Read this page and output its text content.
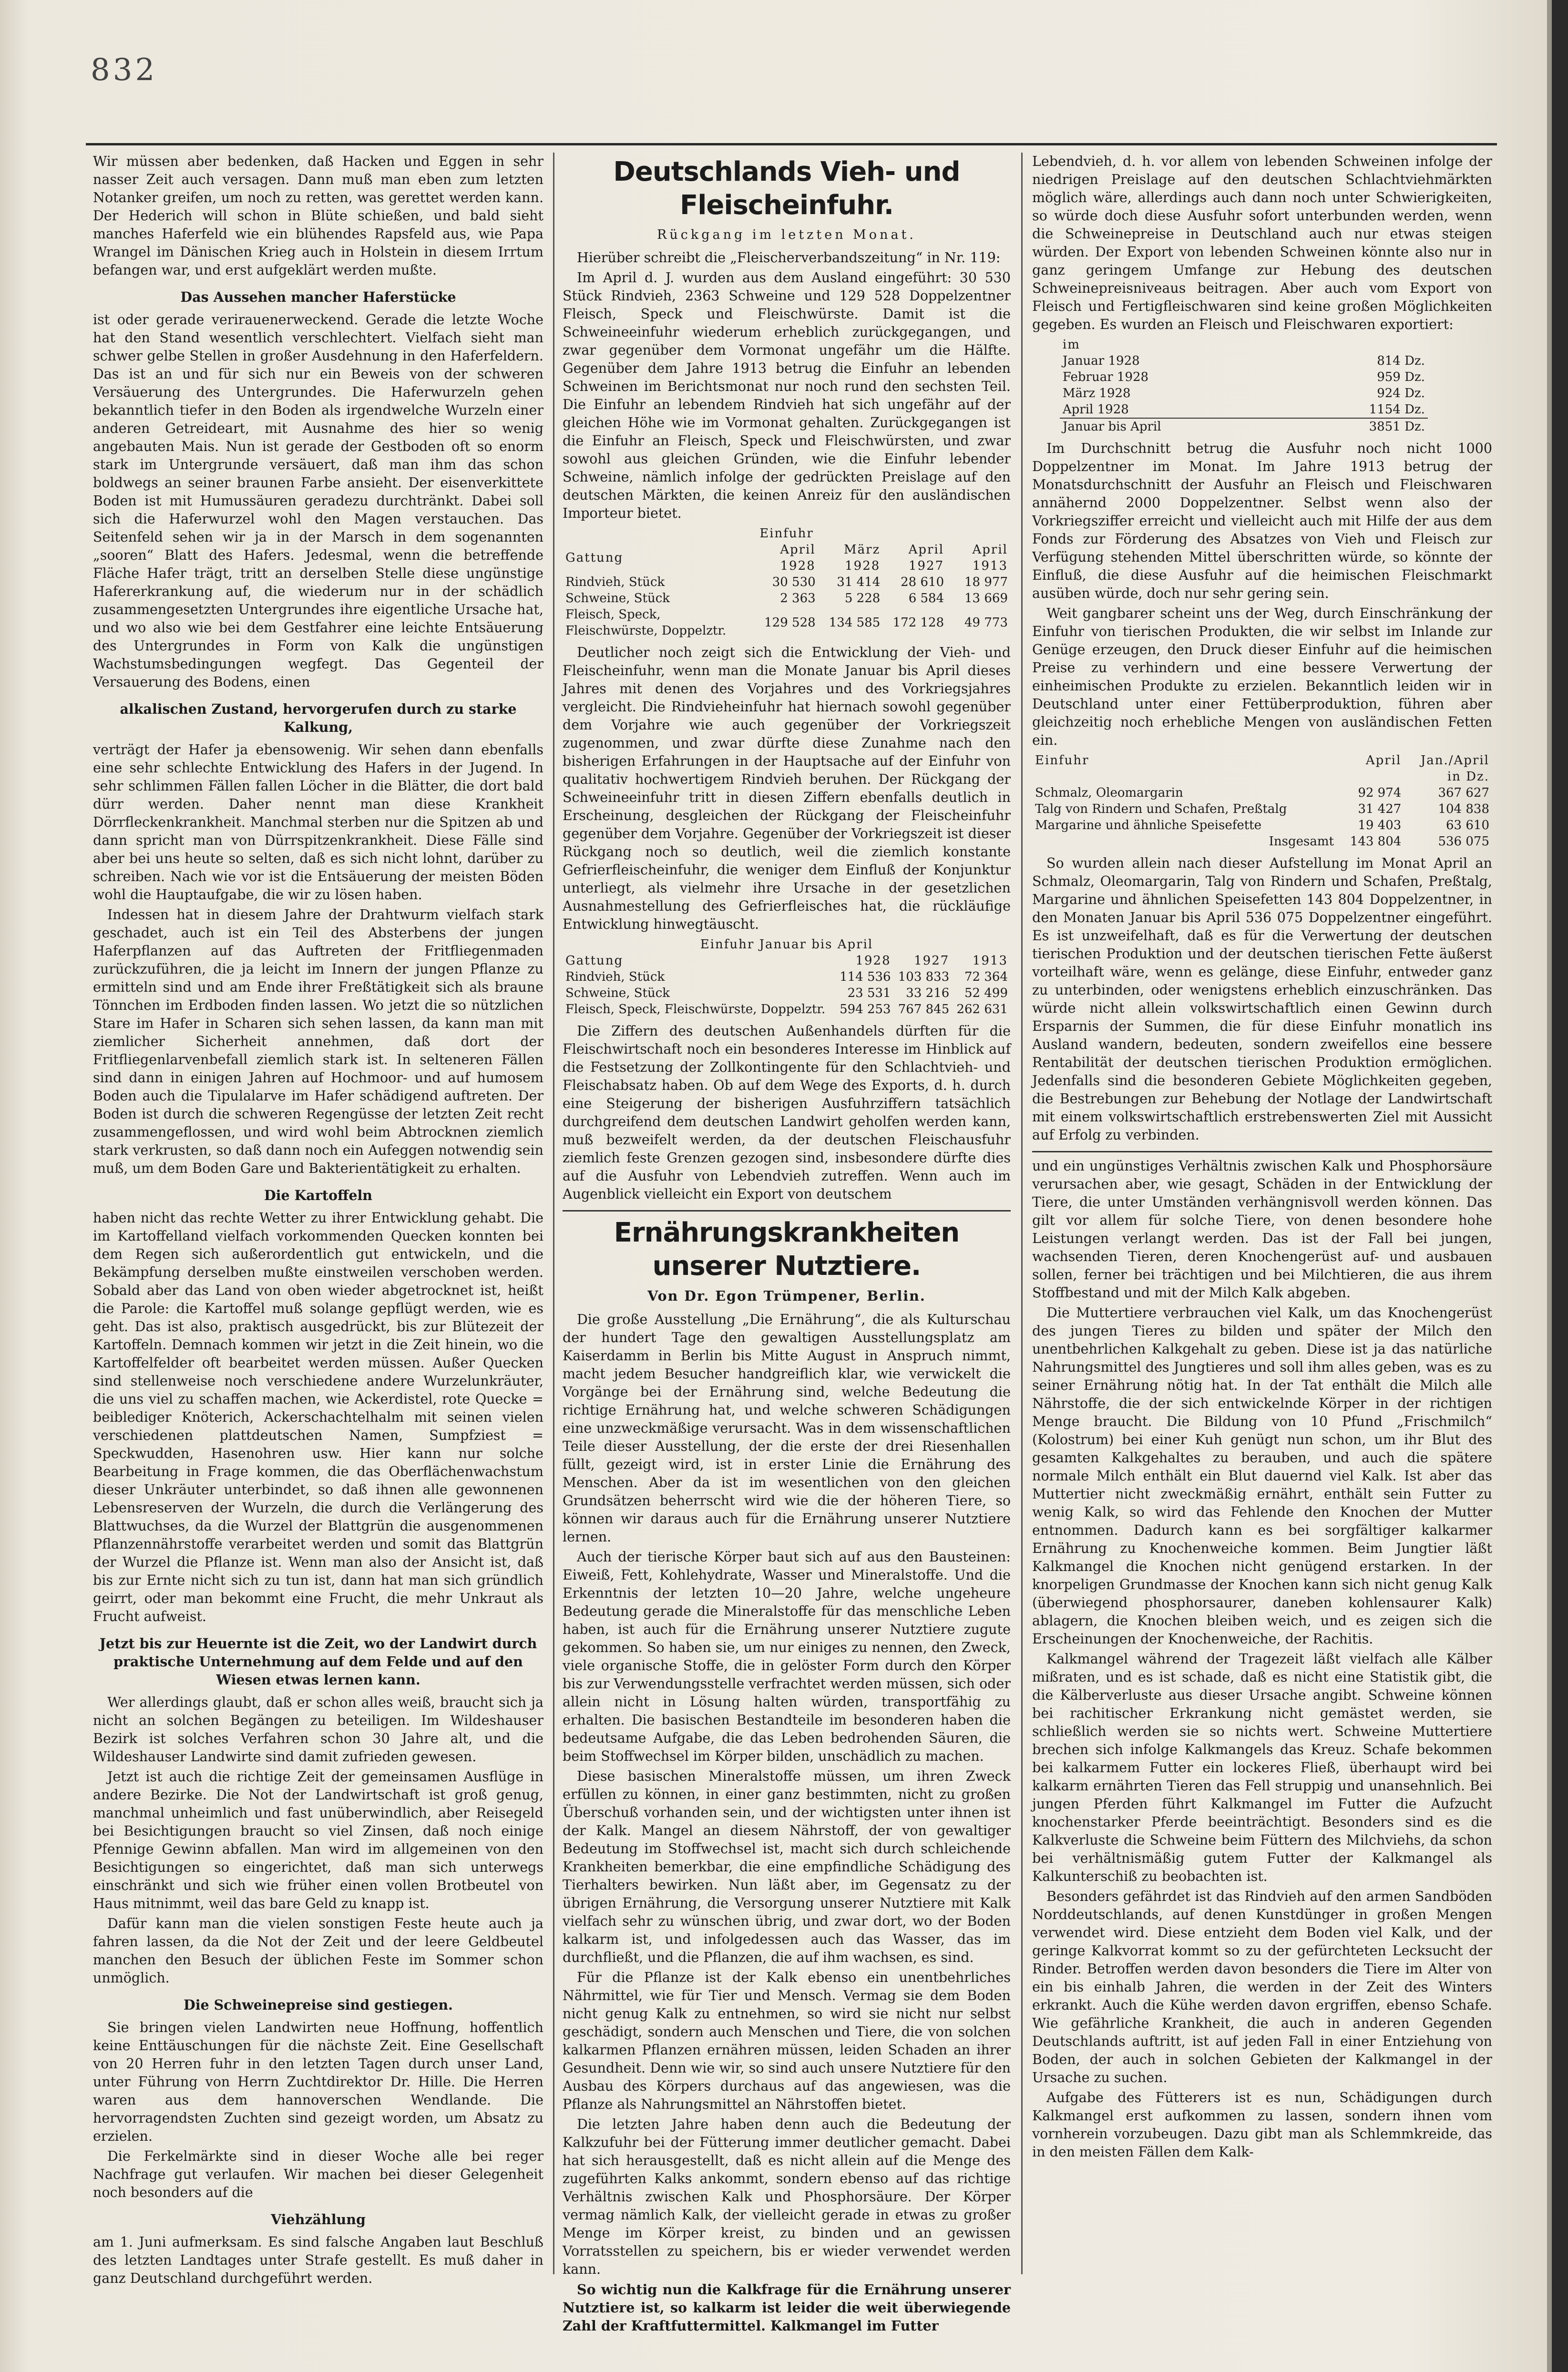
832

Wir müssen aber bedenken, daß Hacken und Eggen in sehr nasser Zeit auch versagen. Dann muß man eben zum letzten Notanker greifen, um noch zu retten, was gerettet werden kann. Der Hederich will schon in Blüte schießen, und bald sieht manches Haferfeld wie ein blühendes Rapsfeld aus, wie Papa Wrangel im Dänischen Krieg auch in Holstein in diesem Irrtum befangen war, und erst aufgeklärt werden mußte.

Das Aussehen mancher Haferstücke

ist oder gerade verirauenerweckend. Gerade die letzte Woche hat den Stand wesentlich verschlechtert. Vielfach sieht man schwer gelbe Stellen in großer Ausdehnung in den Haferfeldern. Das ist an und für sich nur ein Beweis von der schweren Versäuerung des Untergrundes. Die Haferwurzeln gehen bekanntlich tiefer in den Boden als irgendwelche Wurzeln einer anderen Getreideart, mit Ausnahme des hier so wenig angebauten Mais. Nun ist gerade der Gestboden oft so enorm stark im Untergrunde versäuert, daß man ihm das schon boldwegs an seiner braunen Farbe ansieht. Der eisenverkittete Boden ist mit Humussäuren geradezu durchtränkt. Dabei soll sich die Haferwurzel wohl den Magen verstauchen. Das Seitenfeld sehen wir ja in der Marsch in dem sogenannten „sooren“ Blatt des Hafers. Jedesmal, wenn die betreffende Fläche Hafer trägt, tritt an derselben Stelle diese ungünstige Hafererkrankung auf, die wiederum nur in der schädlich zusammengesetzten Untergrundes ihre eigentliche Ursache hat, und wo also wie bei dem Gestfahrer eine leichte Entsäuerung des Untergrundes in Form von Kalk die ungünstigen Wachstumsbedingungen wegfegt. Das Gegenteil der Versauerung des Bodens, einen

alkalischen Zustand, hervorgerufen durch zu starke Kalkung,

verträgt der Hafer ja ebensowenig. Wir sehen dann ebenfalls eine sehr schlechte Entwicklung des Hafers in der Jugend. In sehr schlimmen Fällen fallen Löcher in die Blätter, die dort bald dürr werden. Daher nennt man diese Krankheit Dörrfleckenkrankheit. Manchmal sterben nur die Spitzen ab und dann spricht man von Dürrspitzenkrankheit. Diese Fälle sind aber bei uns heute so selten, daß es sich nicht lohnt, darüber zu schreiben. Nach wie vor ist die Entsäuerung der meisten Böden wohl die Hauptaufgabe, die wir zu lösen haben.

Indessen hat in diesem Jahre der Drahtwurm vielfach stark geschadet, auch ist ein Teil des Absterbens der jungen Haferpflanzen auf das Auftreten der Fritfliegenmaden zurückzuführen, die ja leicht im Innern der jungen Pflanze zu ermitteln sind und am Ende ihrer Freßtätigkeit sich als braune Tönnchen im Erdboden finden lassen. Wo jetzt die so nützlichen Stare im Hafer in Scharen sich sehen lassen, da kann man mit ziemlicher Sicherheit annehmen, daß dort der Fritfliegenlarvenbefall ziemlich stark ist. In selteneren Fällen sind dann in einigen Jahren auf Hochmoor- und auf humosem Boden auch die Tipulalarve im Hafer schädigend auftreten. Der Boden ist durch die schweren Regengüsse der letzten Zeit recht zusammengeflossen, und wird wohl beim Abtrocknen ziemlich stark verkrusten, so daß dann noch ein Aufeggen notwendig sein muß, um dem Boden Gare und Bakterientätigkeit zu erhalten.

Die Kartoffeln

haben nicht das rechte Wetter zu ihrer Entwicklung gehabt. Die im Kartoffelland vielfach vorkommenden Quecken konnten bei dem Regen sich außerordentlich gut entwickeln, und die Bekämpfung derselben mußte einstweilen verschoben werden. Sobald aber das Land von oben wieder abgetrocknet ist, heißt die Parole: die Kartoffel muß solange gepflügt werden, wie es geht. Das ist also, praktisch ausgedrückt, bis zur Blütezeit der Kartoffeln. Demnach kommen wir jetzt in die Zeit hinein, wo die Kartoffelfelder oft bearbeitet werden müssen. Außer Quecken sind stellenweise noch verschiedene andere Wurzelunkräuter, die uns viel zu schaffen machen, wie Ackerdistel, rote Quecke = beiblediger Knöterich, Ackerschachtelhalm mit seinen vielen verschiedenen plattdeutschen Namen, Sumpfziest = Speckwudden, Hasenohren usw. Hier kann nur solche Bearbeitung in Frage kommen, die das Oberflächenwachstum dieser Unkräuter unterbindet, so daß ihnen alle gewonnenen Lebensreserven der Wurzeln, die durch die Verlängerung des Blattwuchses, da die Wurzel der Blattgrün die ausgenommenen Pflanzennährstoffe verarbeitet werden und somit das Blattgrün der Wurzel die Pflanze ist. Wenn man also der Ansicht ist, daß bis zur Ernte nicht sich zu tun ist, dann hat man sich gründlich geirrt, oder man bekommt eine Frucht, die mehr Unkraut als Frucht aufweist.

Jetzt bis zur Heuernte ist die Zeit, wo der Landwirt durch praktische Unternehmung auf dem Felde und auf den Wiesen etwas lernen kann.

Wer allerdings glaubt, daß er schon alles weiß, braucht sich ja nicht an solchen Begängen zu beteiligen. Im Wildeshauser Bezirk ist solches Verfahren schon 30 Jahre alt, und die Wildeshauser Landwirte sind damit zufrieden gewesen.

Jetzt ist auch die richtige Zeit der gemeinsamen Ausflüge in andere Bezirke. Die Not der Landwirtschaft ist groß genug, manchmal unheimlich und fast unüberwindlich, aber Reisegeld bei Besichtigungen braucht so viel Zinsen, daß noch einige Pfennige Gewinn abfallen. Man wird im allgemeinen von den Besichtigungen so eingerichtet, daß man sich unterwegs einschränkt und sich wie früher einen vollen Brotbeutel von Haus mitnimmt, weil das bare Geld zu knapp ist.

Dafür kann man die vielen sonstigen Feste heute auch ja fahren lassen, da die Not der Zeit und der leere Geldbeutel manchen den Besuch der üblichen Feste im Sommer schon unmöglich.

Die Schweinepreise sind gestiegen.

Sie bringen vielen Landwirten neue Hoffnung, hoffentlich keine Enttäuschungen für die nächste Zeit. Eine Gesellschaft von 20 Herren fuhr in den letzten Tagen durch unser Land, unter Führung von Herrn Zuchtdirektor Dr. Hille. Die Herren waren aus dem hannoverschen Wendlande. Die hervorragendsten Zuchten sind gezeigt worden, um Absatz zu erzielen.

Die Ferkelmärkte sind in dieser Woche alle bei reger Nachfrage gut verlaufen. Wir machen bei dieser Gelegenheit noch besonders auf die

Viehzählung

am 1. Juni aufmerksam. Es sind falsche Angaben laut Beschluß des letzten Landtages unter Strafe gestellt. Es muß daher in ganz Deutschland durchgeführt werden.

Deutschlands Vieh- und Fleischeinfuhr.

Rückgang im letzten Monat.

Hierüber schreibt die „Fleischerverbandszeitung“ in Nr. 119:

Im April d. J. wurden aus dem Ausland eingeführt: 30 530 Stück Rindvieh, 2363 Schweine und 129 528 Doppelzentner Fleisch, Speck und Fleischwürste. Damit ist die Schweineeinfuhr wiederum erheblich zurückgegangen, und zwar gegenüber dem Vormonat ungefähr um die Hälfte. Gegenüber dem Jahre 1913 betrug die Einfuhr an lebenden Schweinen im Berichtsmonat nur noch rund den sechsten Teil. Die Einfuhr an lebendem Rindvieh hat sich ungefähr auf der gleichen Höhe wie im Vormonat gehalten. Zurückgegangen ist die Einfuhr an Fleisch, Speck und Fleischwürsten, und zwar sowohl aus gleichen Gründen, wie die Einfuhr lebender Schweine, nämlich infolge der gedrückten Preislage auf den deutschen Märkten, die keinen Anreiz für den ausländischen Importeur bietet.

Einfuhr				
Gattung	April 1928	März 1928	April 1927	April 1913
Rindvieh, Stück	30 530	31 414	28 610	18 977
Schweine, Stück	2 363	5 228	6 584	13 669
Fleisch, Speck, Fleischwürste, Doppelztr.	129 528	134 585	172 128	49 773

Deutlicher noch zeigt sich die Entwicklung der Vieh- und Fleischeinfuhr, wenn man die Monate Januar bis April dieses Jahres mit denen des Vorjahres und des Vorkriegsjahres vergleicht. Die Rindvieheinfuhr hat hiernach sowohl gegenüber dem Vorjahre wie auch gegenüber der Vorkriegszeit zugenommen, und zwar dürfte diese Zunahme nach den bisherigen Erfahrungen in der Hauptsache auf der Einfuhr von qualitativ hochwertigem Rindvieh beruhen. Der Rückgang der Schweineeinfuhr tritt in diesen Ziffern ebenfalls deutlich in Erscheinung, desgleichen der Rückgang der Fleischeinfuhr gegenüber dem Vorjahre. Gegenüber der Vorkriegszeit ist dieser Rückgang noch so deutlich, weil die ziemlich konstante Gefrierfleischeinfuhr, die weniger dem Einfluß der Konjunktur unterliegt, als vielmehr ihre Ursache in der gesetzlichen Ausnahmestellung des Gefrierfleisches hat, die rückläufige Entwicklung hinwegtäuscht.

Einfuhr Januar bis April			
Gattung	1928	1927	1913
Rindvieh, Stück	114 536	103 833	72 364
Schweine, Stück	23 531	33 216	52 499
Fleisch, Speck, Fleischwürste, Doppelztr.	594 253	767 845	262 631

Die Ziffern des deutschen Außenhandels dürften für die Fleischwirtschaft noch ein besonderes Interesse im Hinblick auf die Festsetzung der Zollkontingente für den Schlachtvieh- und Fleischabsatz haben. Ob auf dem Wege des Exports, d. h. durch eine Steigerung der bisherigen Ausfuhrziffern tatsächlich durchgreifend dem deutschen Landwirt geholfen werden kann, muß bezweifelt werden, da der deutschen Fleischausfuhr ziemlich feste Grenzen gezogen sind, insbesondere dürfte dies auf die Ausfuhr von Lebendvieh zutreffen. Wenn auch im Augenblick vielleicht ein Export von deutschem

Ernährungskrankheiten unserer Nutztiere.

Von Dr. Egon Trümpener, Berlin.

Die große Ausstellung „Die Ernährung“, die als Kulturschau der hundert Tage den gewaltigen Ausstellungsplatz am Kaiserdamm in Berlin bis Mitte August in Anspruch nimmt, macht jedem Besucher handgreiflich klar, wie verwickelt die Vorgänge bei der Ernährung sind, welche Bedeutung die richtige Ernährung hat, und welche schweren Schädigungen eine unzweckmäßige verursacht. Was in dem wissenschaftlichen Teile dieser Ausstellung, der die erste der drei Riesenhallen füllt, gezeigt wird, ist in erster Linie die Ernährung des Menschen. Aber da ist im wesentlichen von den gleichen Grundsätzen beherrscht wird wie die der höheren Tiere, so können wir daraus auch für die Ernährung unserer Nutztiere lernen.

Auch der tierische Körper baut sich auf aus den Bausteinen: Eiweiß, Fett, Kohlehydrate, Wasser und Mineralstoffe. Und die Erkenntnis der letzten 10—20 Jahre, welche ungeheure Bedeutung gerade die Mineralstoffe für das menschliche Leben haben, ist auch für die Ernährung unserer Nutztiere zugute gekommen. So haben sie, um nur einiges zu nennen, den Zweck, viele organische Stoffe, die in gelöster Form durch den Körper bis zur Verwendungsstelle verfrachtet werden müssen, sich oder allein nicht in Lösung halten würden, transportfähig zu erhalten. Die basischen Bestandteile im besonderen haben die bedeutsame Aufgabe, die das Leben bedrohenden Säuren, die beim Stoffwechsel im Körper bilden, unschädlich zu machen.

Diese basischen Mineralstoffe müssen, um ihren Zweck erfüllen zu können, in einer ganz bestimmten, nicht zu großen Überschuß vorhanden sein, und der wichtigsten unter ihnen ist der Kalk. Mangel an diesem Nährstoff, der von gewaltiger Bedeutung im Stoffwechsel ist, macht sich durch schleichende Krankheiten bemerkbar, die eine empfindliche Schädigung des Tierhalters bewirken. Nun läßt aber, im Gegensatz zu der übrigen Ernährung, die Versorgung unserer Nutztiere mit Kalk vielfach sehr zu wünschen übrig, und zwar dort, wo der Boden kalkarm ist, und infolgedessen auch das Wasser, das im durchfließt, und die Pflanzen, die auf ihm wachsen, es sind.

Für die Pflanze ist der Kalk ebenso ein unentbehrliches Nährmittel, wie für Tier und Mensch. Vermag sie dem Boden nicht genug Kalk zu entnehmen, so wird sie nicht nur selbst geschädigt, sondern auch Menschen und Tiere, die von solchen kalkarmen Pflanzen ernähren müssen, leiden Schaden an ihrer Gesundheit. Denn wie wir, so sind auch unsere Nutztiere für den Ausbau des Körpers durchaus auf das angewiesen, was die Pflanze als Nahrungsmittel an Nährstoffen bietet.

Die letzten Jahre haben denn auch die Bedeutung der Kalkzufuhr bei der Fütterung immer deutlicher gemacht. Dabei hat sich herausgestellt, daß es nicht allein auf die Menge des zugeführten Kalks ankommt, sondern ebenso auf das richtige Verhältnis zwischen Kalk und Phosphorsäure. Der Körper vermag nämlich Kalk, der vielleicht gerade in etwas zu großer Menge im Körper kreist, zu binden und an gewissen Vorratsstellen zu speichern, bis er wieder verwendet werden kann.

So wichtig nun die Kalkfrage für die Ernährung unserer Nutztiere ist, so kalkarm ist leider die weit überwiegende Zahl der Kraftfuttermittel. Kalkmangel im Futter

Lebendvieh, d. h. vor allem von lebenden Schweinen infolge der niedrigen Preislage auf den deutschen Schlachtviehmärkten möglich wäre, allerdings auch dann noch unter Schwierigkeiten, so würde doch diese Ausfuhr sofort unterbunden werden, wenn die Schweinepreise in Deutschland auch nur etwas steigen würden. Der Export von lebenden Schweinen könnte also nur in ganz geringem Umfange zur Hebung des deutschen Schweinepreisniveaus beitragen. Aber auch vom Export von Fleisch und Fertigfleischwaren sind keine großen Möglichkeiten gegeben. Es wurden an Fleisch und Fleischwaren exportiert:

im	
Januar 1928	814 Dz.
Februar 1928	959 Dz.
März 1928	924 Dz.
April 1928	1154 Dz.
Januar bis April	3851 Dz.

Im Durchschnitt betrug die Ausfuhr noch nicht 1000 Doppelzentner im Monat. Im Jahre 1913 betrug der Monatsdurchschnitt der Ausfuhr an Fleisch und Fleischwaren annähernd 2000 Doppelzentner. Selbst wenn also der Vorkriegsziffer erreicht und vielleicht auch mit Hilfe der aus dem Fonds zur Förderung des Absatzes von Vieh und Fleisch zur Verfügung stehenden Mittel überschritten würde, so könnte der Einfluß, die diese Ausfuhr auf die heimischen Fleischmarkt ausüben würde, doch nur sehr gering sein.

Weit gangbarer scheint uns der Weg, durch Einschränkung der Einfuhr von tierischen Produkten, die wir selbst im Inlande zur Genüge erzeugen, den Druck dieser Einfuhr auf die heimischen Preise zu verhindern und eine bessere Verwertung der einheimischen Produkte zu erzielen. Bekanntlich leiden wir in Deutschland unter einer Fettüberproduktion, führen aber gleichzeitig noch erhebliche Mengen von ausländischen Fetten ein.

Einfuhr	April	Jan./April
	in Dz.	
Schmalz, Oleomargarin	92 974	367 627
Talg von Rindern und Schafen, Preßtalg	31 427	104 838
Margarine und ähnliche Speisefette	19 403	63 610
Insgesamt	143 804	536 075

So wurden allein nach dieser Aufstellung im Monat April an Schmalz, Oleomargarin, Talg von Rindern und Schafen, Preßtalg, Margarine und ähnlichen Speisefetten 143 804 Doppelzentner, in den Monaten Januar bis April 536 075 Doppelzentner eingeführt. Es ist unzweifelhaft, daß es für die Verwertung der deutschen tierischen Produktion und der deutschen tierischen Fette äußerst vorteilhaft wäre, wenn es gelänge, diese Einfuhr, entweder ganz zu unterbinden, oder wenigstens erheblich einzuschränken. Das würde nicht allein volkswirtschaftlich einen Gewinn durch Ersparnis der Summen, die für diese Einfuhr monatlich ins Ausland wandern, bedeuten, sondern zweifellos eine bessere Rentabilität der deutschen tierischen Produktion ermöglichen. Jedenfalls sind die besonderen Gebiete Möglichkeiten gegeben, die Bestrebungen zur Behebung der Notlage der Landwirtschaft mit einem volkswirtschaftlich erstrebenswerten Ziel mit Aussicht auf Erfolg zu verbinden.

und ein ungünstiges Verhältnis zwischen Kalk und Phosphorsäure verursachen aber, wie gesagt, Schäden in der Entwicklung der Tiere, die unter Umständen verhängnisvoll werden können. Das gilt vor allem für solche Tiere, von denen besondere hohe Leistungen verlangt werden. Das ist der Fall bei jungen, wachsenden Tieren, deren Knochengerüst auf- und ausbauen sollen, ferner bei trächtigen und bei Milchtieren, die aus ihrem Stoffbestand und mit der Milch Kalk abgeben.

Die Muttertiere verbrauchen viel Kalk, um das Knochengerüst des jungen Tieres zu bilden und später der Milch den unentbehrlichen Kalkgehalt zu geben. Diese ist ja das natürliche Nahrungsmittel des Jungtieres und soll ihm alles geben, was es zu seiner Ernährung nötig hat. In der Tat enthält die Milch alle Nährstoffe, die der sich entwickelnde Körper in der richtigen Menge braucht. Die Bildung von 10 Pfund „Frischmilch“ (Kolostrum) bei einer Kuh genügt nun schon, um ihr Blut des gesamten Kalkgehaltes zu berauben, und auch die spätere normale Milch enthält ein Blut dauernd viel Kalk. Ist aber das Muttertier nicht zweckmäßig ernährt, enthält sein Futter zu wenig Kalk, so wird das Fehlende den Knochen der Mutter entnommen. Dadurch kann es bei sorgfältiger kalkarmer Ernährung zu Knochenweiche kommen. Beim Jungtier läßt Kalkmangel die Knochen nicht genügend erstarken. In der knorpeligen Grundmasse der Knochen kann sich nicht genug Kalk (überwiegend phosphorsaurer, daneben kohlensaurer Kalk) ablagern, die Knochen bleiben weich, und es zeigen sich die Erscheinungen der Knochenweiche, der Rachitis.

Kalkmangel während der Tragezeit läßt vielfach alle Kälber mißraten, und es ist schade, daß es nicht eine Statistik gibt, die die Kälberverluste aus dieser Ursache angibt. Schweine können bei rachitischer Erkrankung nicht gemästet werden, sie schließlich werden sie so nichts wert. Schweine Muttertiere brechen sich infolge Kalkmangels das Kreuz. Schafe bekommen bei kalkarmem Futter ein lockeres Fließ, überhaupt wird bei kalkarm ernährten Tieren das Fell struppig und unansehnlich. Bei jungen Pferden führt Kalkmangel im Futter die Aufzucht knochenstarker Pferde beeinträchtigt. Besonders sind es die Kalkverluste die Schweine beim Füttern des Milchviehs, da schon bei verhältnismäßig gutem Futter der Kalkmangel als Kalkunterschiß zu beobachten ist.

Besonders gefährdet ist das Rindvieh auf den armen Sandböden Norddeutschlands, auf denen Kunstdünger in großen Mengen verwendet wird. Diese entzieht dem Boden viel Kalk, und der geringe Kalkvorrat kommt so zu der gefürchteten Lecksucht der Rinder. Betroffen werden davon besonders die Tiere im Alter von ein bis einhalb Jahren, die werden in der Zeit des Winters erkrankt. Auch die Kühe werden davon ergriffen, ebenso Schafe. Wie gefährliche Krankheit, die auch in anderen Gegenden Deutschlands auftritt, ist auf jeden Fall in einer Entziehung von Boden, der auch in solchen Gebieten der Kalkmangel in der Ursache zu suchen.

Aufgabe des Fütterers ist es nun, Schädigungen durch Kalkmangel erst aufkommen zu lassen, sondern ihnen vom vornherein vorzubeugen. Dazu gibt man als Schlemmkreide, das in den meisten Fällen dem Kalk-
